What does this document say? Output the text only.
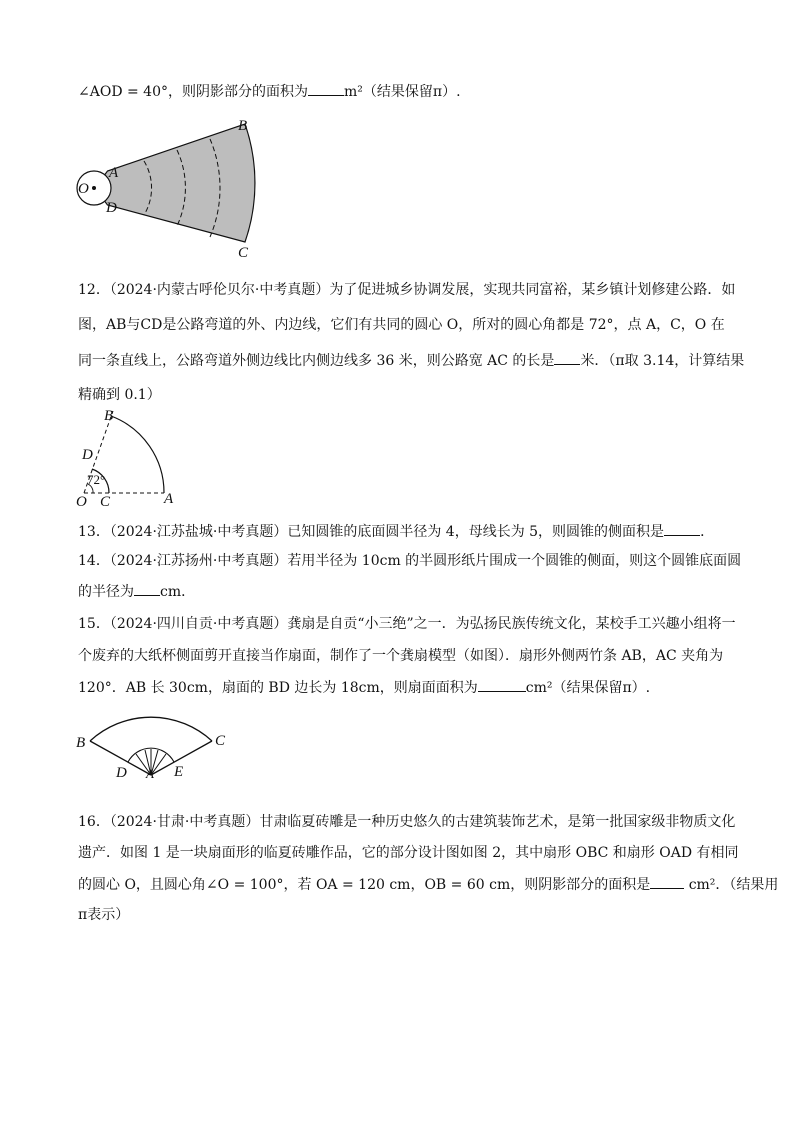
∠AOD = 40°，则阴影部分的面积为	m²（结果保留π）.
O
A
D
B
C
12．（2024·内蒙古呼伦贝尔·中考真题）为了促进城乡协调发展，实现共同富裕，某乡镇计划修建公路．如
图，AB与CD是公路弯道的外、内边线，它们有共同的圆心 O，所对的圆心角都是 72°，点 A，C，O 在
同一条直线上，公路弯道外侧边线比内侧边线多 36 米，则公路宽 AC 的长是 米．（π取 3.14，计算结果
精确到 0.1）
B
D
72°
O C	A
13．（2024·江苏盐城·中考真题）已知圆锥的底面圆半径为 4，母线长为 5，则圆锥的侧面积是	．
14．（2024·江苏扬州·中考真题）若用半径为 10cm 的半圆形纸片围成一个圆锥的侧面，则这个圆锥底面圆
的半径为 cm．
15．（2024·四川自贡·中考真题）龚扇是自贡“小三绝”之一．为弘扬民族传统文化，某校手工兴趣小组将一
个废弃的大纸杯侧面剪开直接当作扇面，制作了一个龚扇模型（如图）．扇形外侧两竹条 AB，AC 夹角为
120°．AB 长 30cm，扇面的 BD 边长为 18cm，则扇面面积为	cm²（结果保留π）.
B	C
D	E
A
16．（2024·甘肃·中考真题）甘肃临夏砖雕是一种历史悠久的古建筑装饰艺术，是第一批国家级非物质文化
遗产．如图 1 是一块扇面形的临夏砖雕作品，它的部分设计图如图 2，其中扇形 OBC 和扇形 OAD 有相同
的圆心 O，且圆心角∠O = 100°，若 OA = 120 cm，OB = 60 cm，则阴影部分的面积是	cm²．（结果用
π表示）
